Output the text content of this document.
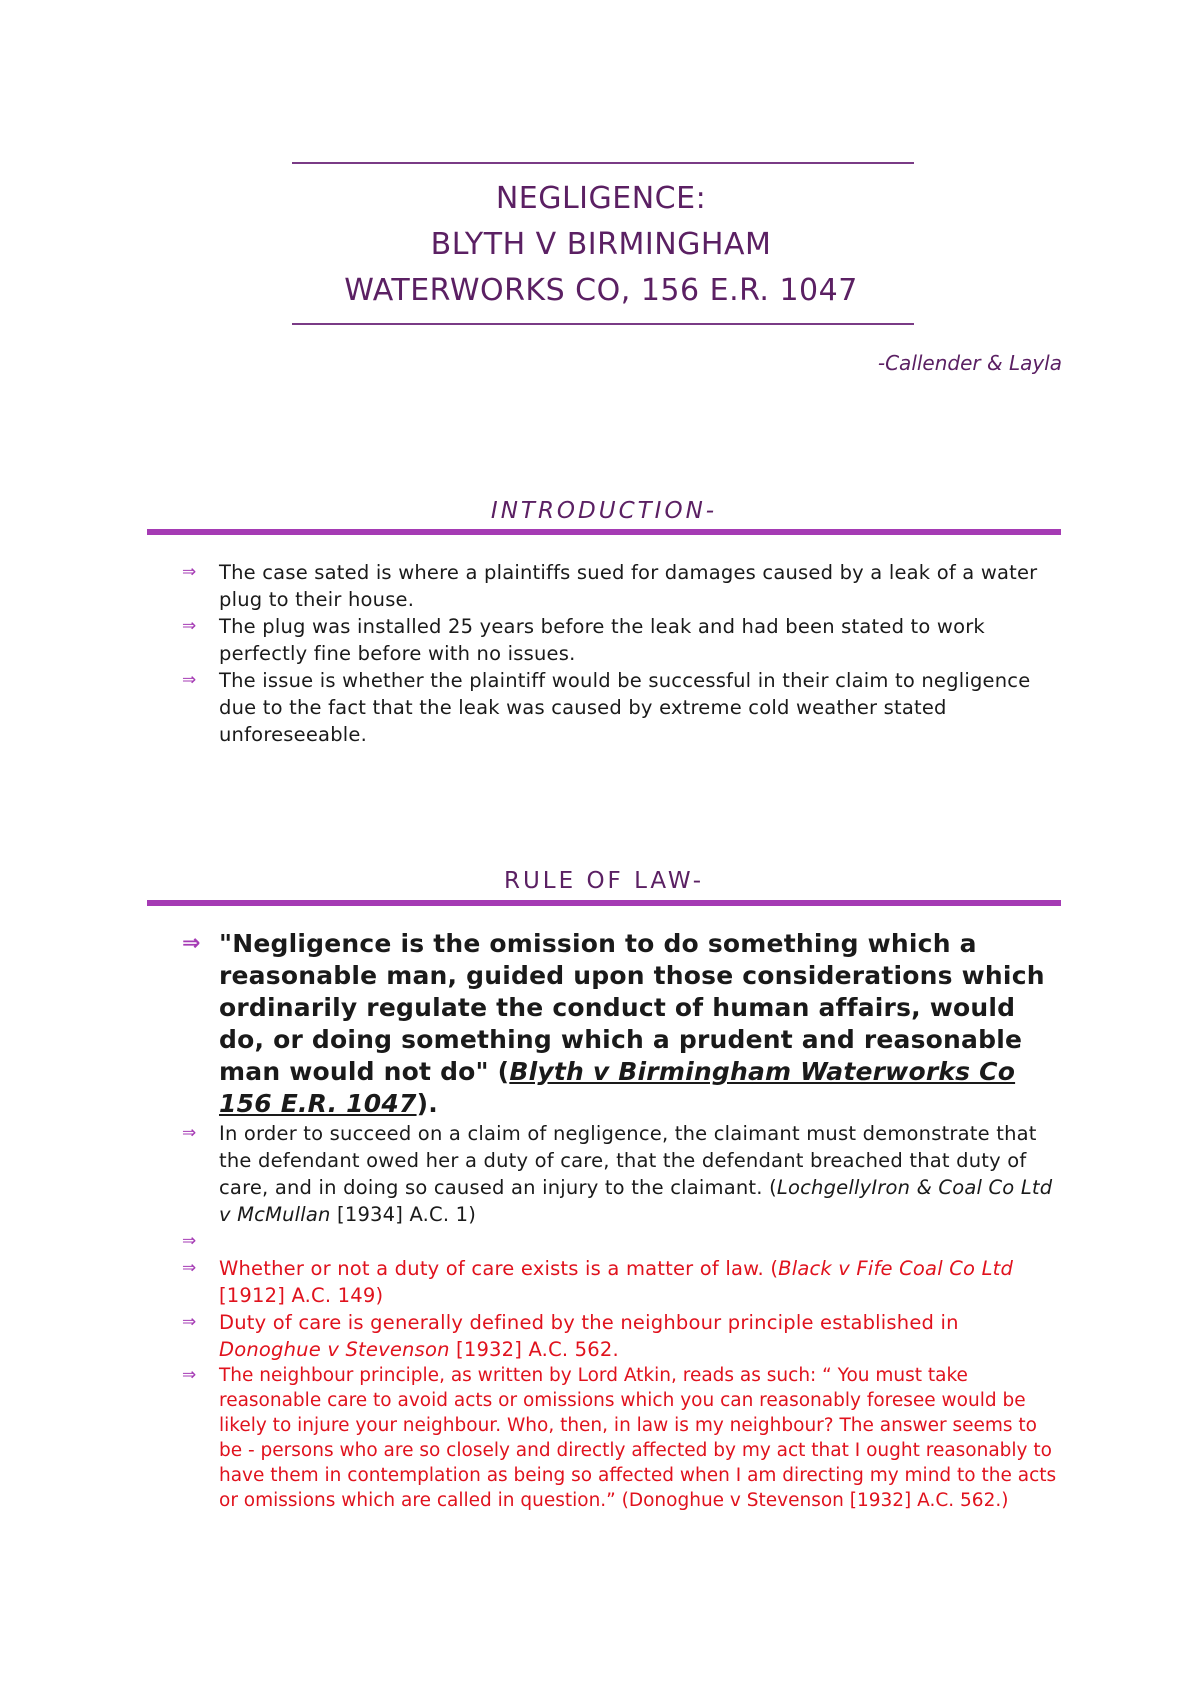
NEGLIGENCE:
BLYTH V BIRMINGHAM
WATERWORKS CO, 156 E.R. 1047
-Callender & Layla
INTRODUCTION-
⇒ The case sated is where a plaintiffs sued for damages caused by a leak of a water plug to their house.
⇒ The plug was installed 25 years before the leak and had been stated to work perfectly fine before with no issues.
⇒ The issue is whether the plaintiff would be successful in their claim to negligence due to the fact that the leak was caused by extreme cold weather stated unforeseeable.
RULE OF LAW-
⇒ "Negligence is the omission to do something which a reasonable man, guided upon those considerations which ordinarily regulate the conduct of human affairs, would do, or doing something which a prudent and reasonable man would not do" (Blyth v Birmingham Waterworks Co 156 E.R. 1047).
⇒ In order to succeed on a claim of negligence, the claimant must demonstrate that the defendant owed her a duty of care, that the defendant breached that duty of care, and in doing so caused an injury to the claimant. (LochgellyIron & Coal Co Ltd v McMullan [1934] A.C. 1)
⇒

⇒ Whether or not a duty of care exists is a matter of law. (Black v Fife Coal Co Ltd [1912] A.C. 149)
⇒ Duty of care is generally defined by the neighbour principle established in Donoghue v Stevenson [1932] A.C. 562.
⇒ The neighbour principle, as written by Lord Atkin, reads as such: “ You must take reasonable care to avoid acts or omissions which you can reasonably foresee would be likely to injure your neighbour. Who, then, in law is my neighbour? The answer seems to be - persons who are so closely and directly affected by my act that I ought reasonably to have them in contemplation as being so affected when I am directing my mind to the acts or omissions which are called in question.” (Donoghue v Stevenson [1932] A.C. 562.)
